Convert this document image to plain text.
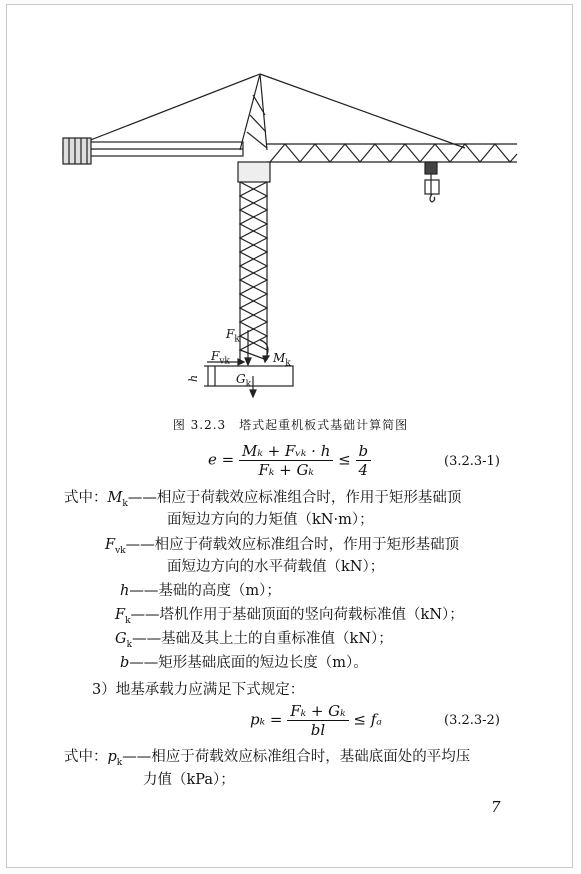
$F_k$
$F_{vk}$	$M_k$
$G_k$
h
图 3.2.3　塔式起重机板式基础计算简图
$e = \frac{\text{Mₖ + Fᵥₖ · h}}{\text{Fₖ + Gₖ}} \le \frac{b}{4}$	(3.2.3-1)
式中：$M_k——$相应于荷载效应标准组合时，作用于矩形基础顶
面短边方向的力矩值（kN·m）；
$F_{vk}——$相应于荷载效应标准组合时，作用于矩形基础顶
面短边方向的水平荷载值（kN）；
h——基础的高度（m）；
$F_k——$塔机作用于基础顶面的竖向荷载标准值（kN）；
$G_k——$基础及其上土的自重标准值（kN）；
b——矩形基础底面的短边长度（m）。
3）地基承载力应满足下式规定：
$p_k = \frac{\text{Fₖ + Gₖ}}{bl} \le f_a$	(3.2.3-2)
式中：$p_k——$相应于荷载效应标准组合时，基础底面处的平均压
力值（kPa）；
7
